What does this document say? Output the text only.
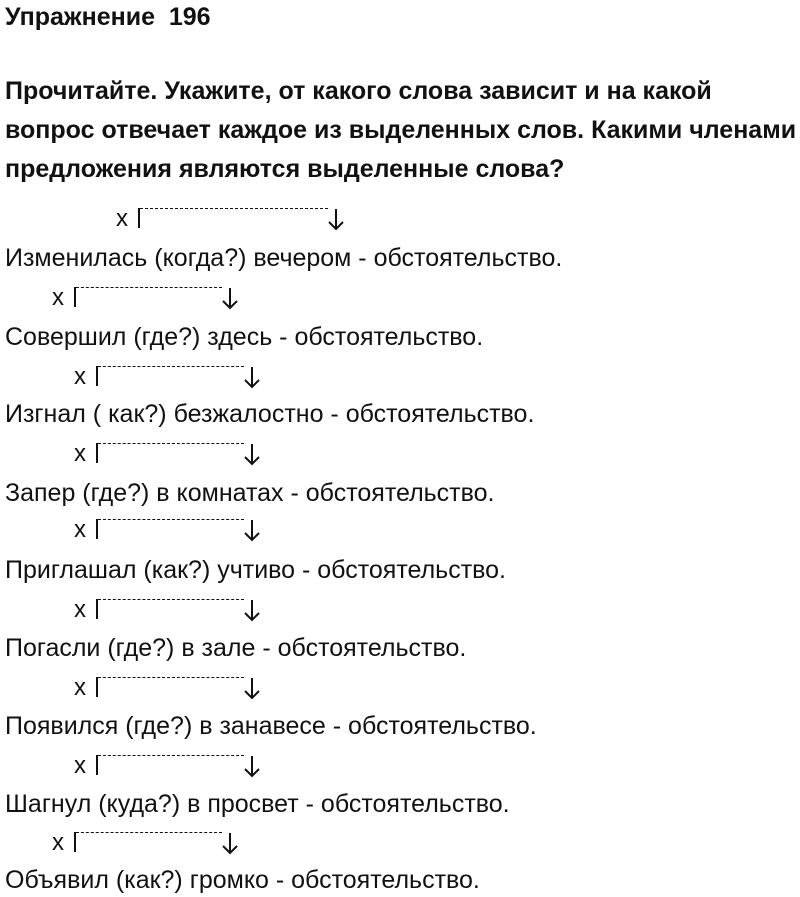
Упражнение  196
Прочитайте. Укажите, от какого слова зависит и на какой вопрос отвечает каждое из выделенных слов. Какими членами предложения являются выделенные слова?
x
Изменилась (когда?) вечером - обстоятельство.
x
Совершил (где?) здесь - обстоятельство.
x
Изгнал ( как?) безжалостно - обстоятельство.
x
Запер (где?) в комнатах - обстоятельство.
x
Приглашал (как?) учтиво - обстоятельство.
x
Погасли (где?) в зале - обстоятельство.
x
Появился (где?) в занавесе - обстоятельство.
x
Шагнул (куда?) в просвет - обстоятельство.
x
Объявил (как?) громко - обстоятельство.
